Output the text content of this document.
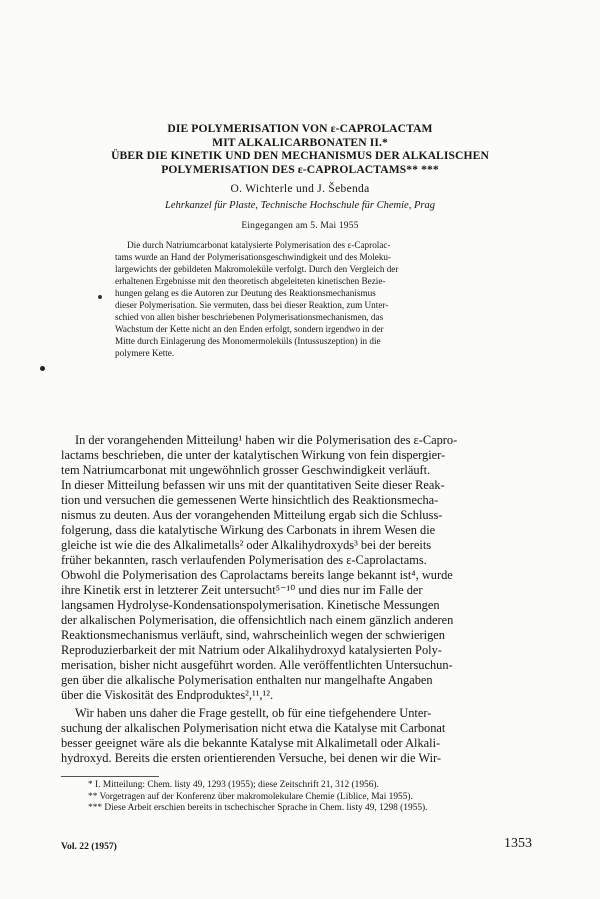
DIE POLYMERISATION VON ε-CAPROLACTAM
MIT ALKALICARBONATEN II.*
ÜBER DIE KINETIK UND DEN MECHANISMUS DER ALKALISCHEN
POLYMERISATION DES ε-CAPROLACTAMS** ***
O. Wichterle und J. Šebenda
Lehrkanzel für Plaste, Technische Hochschule für Chemie, Prag
Eingegangen am 5. Mai 1955
Die durch Natriumcarbonat katalysierte Polymerisation des ε-Caprolac-
tams wurde an Hand der Polymerisationsgeschwindigkeit und des Moleku-
largewichts der gebildeten Makromoleküle verfolgt. Durch den Vergleich der
erhaltenen Ergebnisse mit den theoretisch abgeleiteten kinetischen Bezie-
hungen gelang es die Autoren zur Deutung des Reaktionsmechanismus
dieser Polymerisation. Sie vermuten, dass bei dieser Reaktion, zum Unter-
schied von allen bisher beschriebenen Polymerisationsmechanismen, das
Wachstum der Kette nicht an den Enden erfolgt, sondern irgendwo in der
Mitte durch Einlagerung des Monomermoleküls (Intussuszeption) in die
polymere Kette.
In der vorangehenden Mitteilung¹ haben wir die Polymerisation des ε-Capro-
lactams beschrieben, die unter der katalytischen Wirkung von fein dispergier-
tem Natriumcarbonat mit ungewöhnlich grosser Geschwindigkeit verläuft.
In dieser Mitteilung befassen wir uns mit der quantitativen Seite dieser Reak-
tion und versuchen die gemessenen Werte hinsichtlich des Reaktionsmecha-
nismus zu deuten. Aus der vorangehenden Mitteilung ergab sich die Schluss-
folgerung, dass die katalytische Wirkung des Carbonats in ihrem Wesen die
gleiche ist wie die des Alkalimetalls² oder Alkalihydroxyds³ bei der bereits
früher bekannten, rasch verlaufenden Polymerisation des ε-Caprolactams.
Obwohl die Polymerisation des Caprolactams bereits lange bekannt ist⁴, wurde
ihre Kinetik erst in letzterer Zeit untersucht⁵⁻¹⁰ und dies nur im Falle der
langsamen Hydrolyse-Kondensationspolymerisation. Kinetische Messungen
der alkalischen Polymerisation, die offensichtlich nach einem gänzlich anderen
Reaktionsmechanismus verläuft, sind, wahrscheinlich wegen der schwierigen
Reproduzierbarkeit der mit Natrium oder Alkalihydroxyd katalysierten Poly-
merisation, bisher nicht ausgeführt worden. Alle veröffentlichten Untersuchun-
gen über die alkalische Polymerisation enthalten nur mangelhafte Angaben
über die Viskosität des Endproduktes²,¹¹,¹².
Wir haben uns daher die Frage gestellt, ob für eine tiefgehendere Unter-
suchung der alkalischen Polymerisation nicht etwa die Katalyse mit Carbonat
besser geeignet wäre als die bekannte Katalyse mit Alkalimetall oder Alkali-
hydroxyd. Bereits die ersten orientierenden Versuche, bei denen wir die Wir-
* I. Mitteilung: Chem. listy 49, 1293 (1955); diese Zeitschrift 21, 312 (1956).
** Vorgetragen auf der Konferenz über makromolekulare Chemie (Liblice, Mai 1955).
*** Diese Arbeit erschien bereits in tschechischer Sprache in Chem. listy 49, 1298 (1955).
Vol. 22 (1957)	1353
